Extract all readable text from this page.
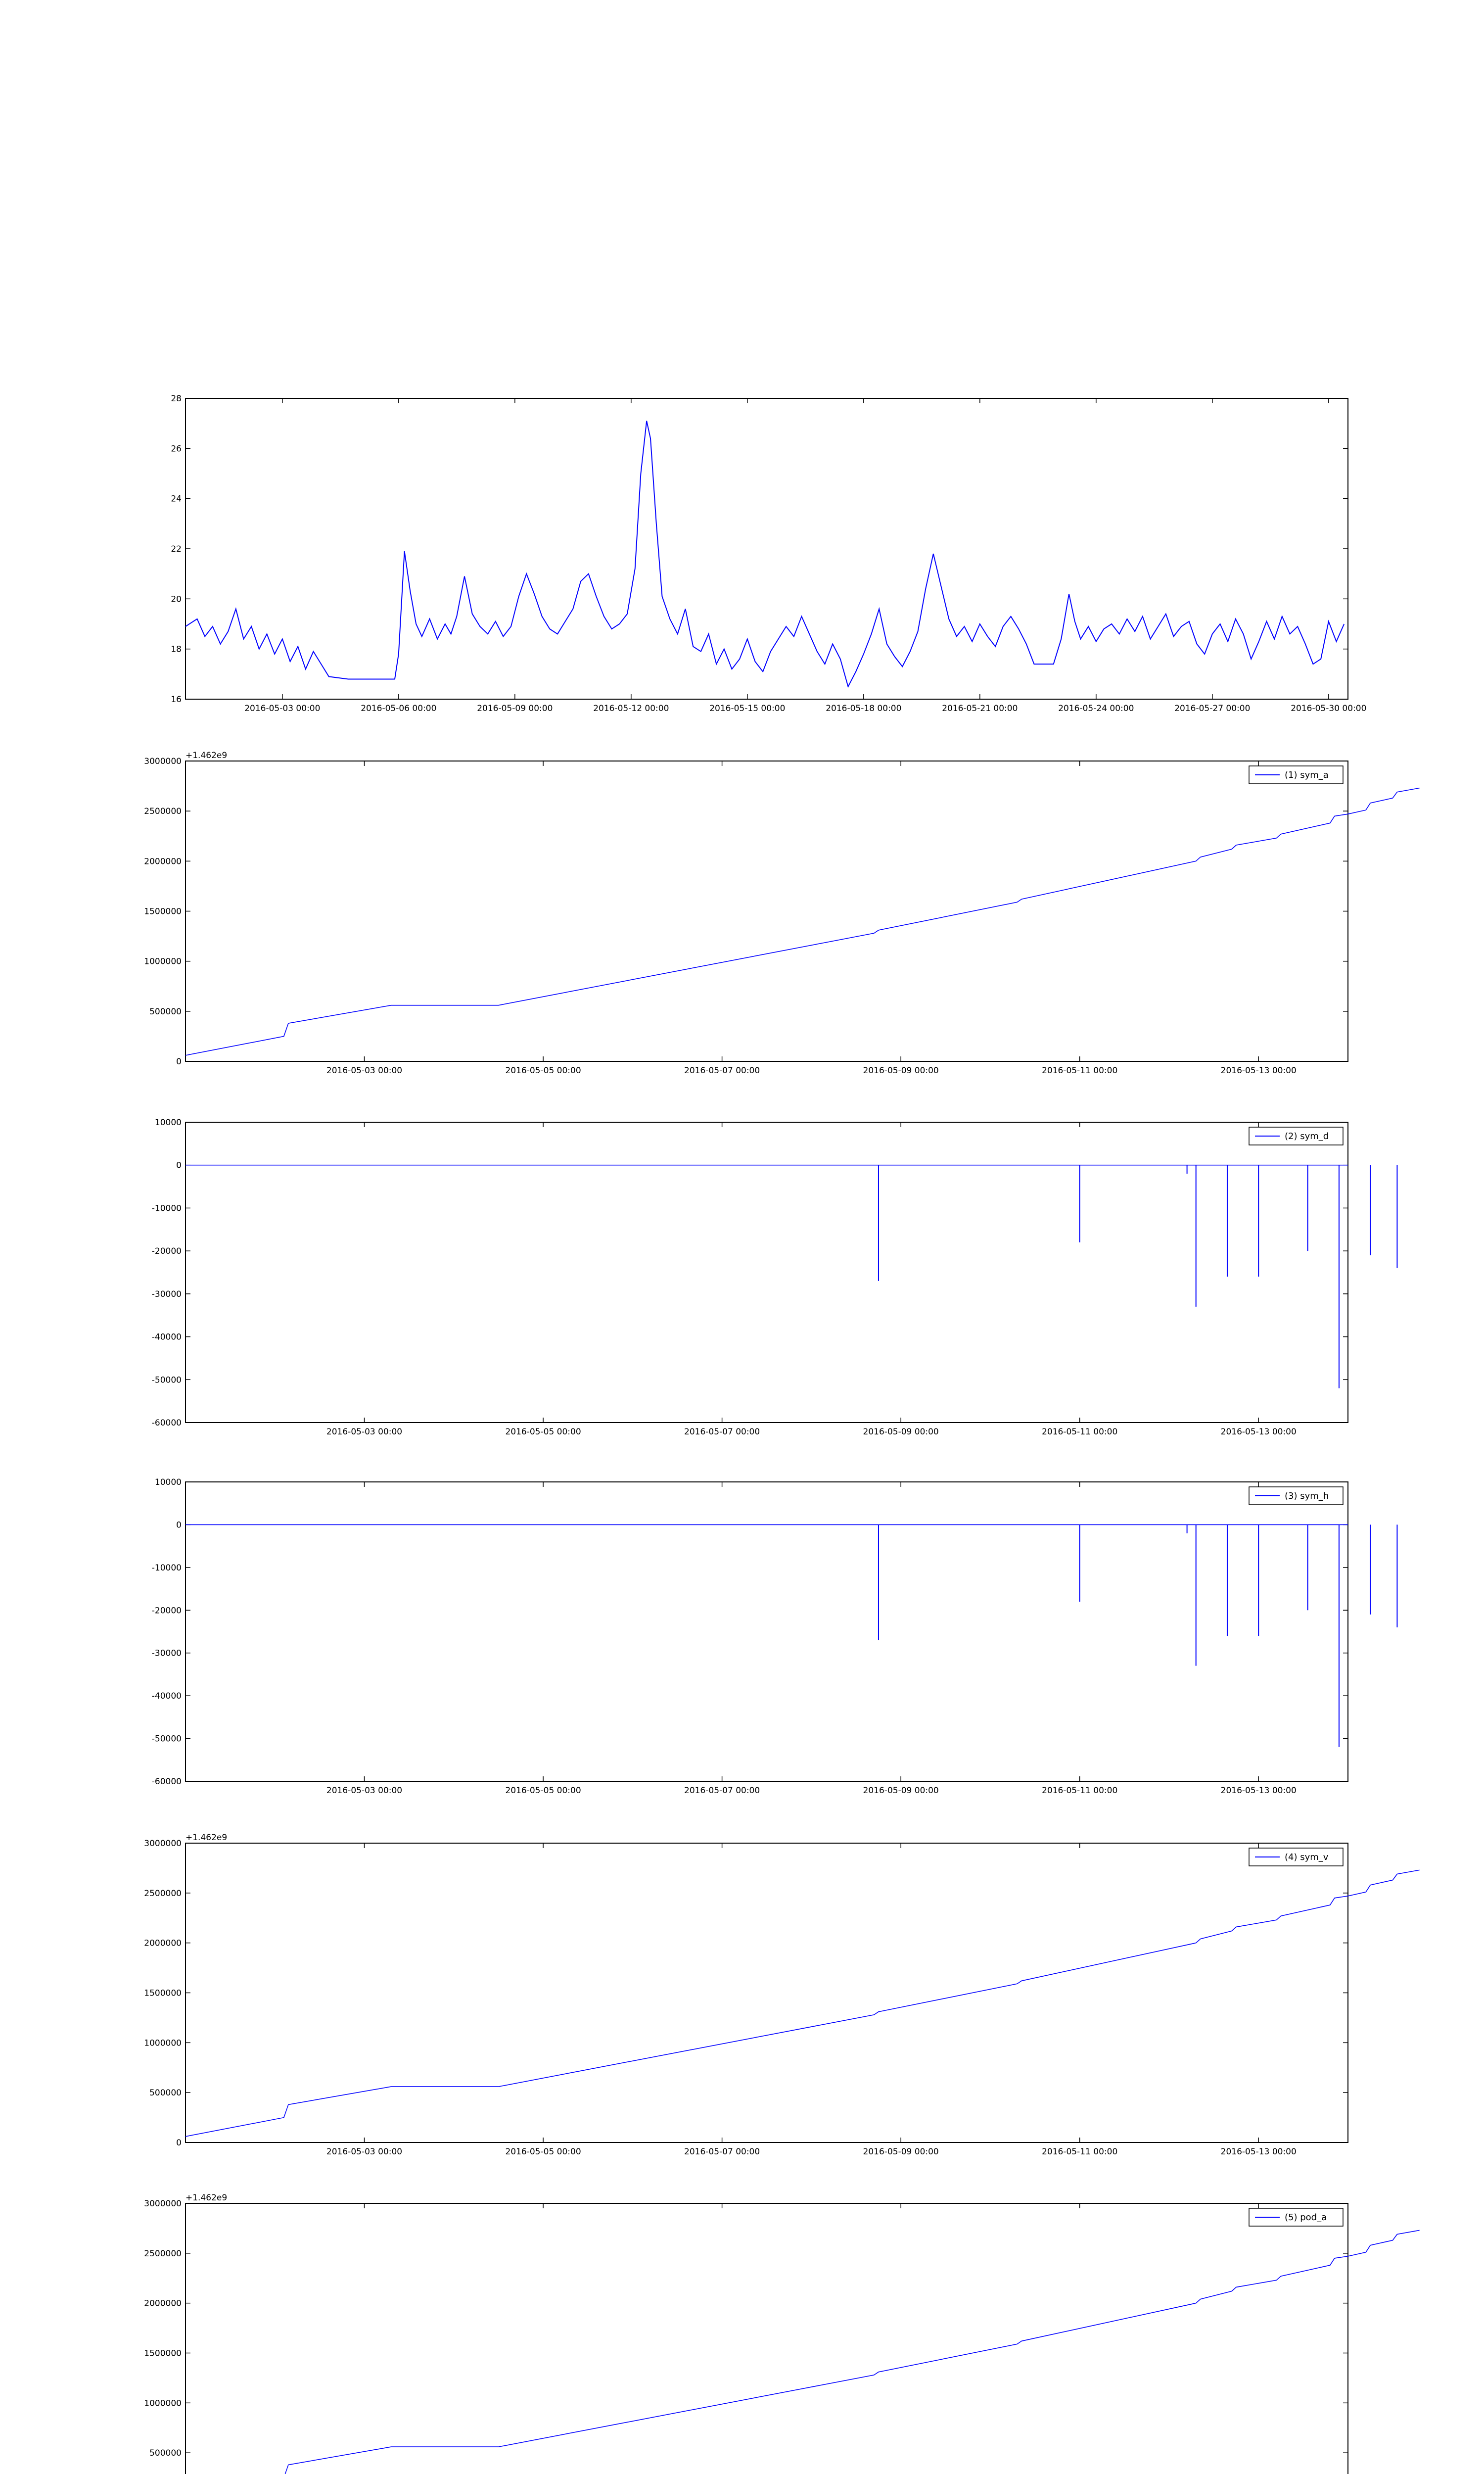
16
18
20
22
24
26
28
2016-05-03 00:00	2016-05-06 00:00	2016-05-09 00:00	2016-05-12 00:00	2016-05-15 00:00	2016-05-18 00:00	2016-05-21 00:00	2016-05-24 00:00	2016-05-27 00:00	2016-05-30 00:00
0
500000
1000000
1500000
2000000
2500000
3000000
2016-05-03 00:00	2016-05-05 00:00	2016-05-07 00:00	2016-05-09 00:00	2016-05-11 00:00	2016-05-13 00:00
+1.462e9
(1) sym_a
-60000
-50000
-40000
-30000
-20000
-10000
0
10000
2016-05-03 00:00	2016-05-05 00:00	2016-05-07 00:00	2016-05-09 00:00	2016-05-11 00:00	2016-05-13 00:00
(2) sym_d
-60000
-50000
-40000
-30000
-20000
-10000
0
10000
2016-05-03 00:00	2016-05-05 00:00	2016-05-07 00:00	2016-05-09 00:00	2016-05-11 00:00	2016-05-13 00:00
(3) sym_h
0
500000
1000000
1500000
2000000
2500000
3000000
2016-05-03 00:00	2016-05-05 00:00	2016-05-07 00:00	2016-05-09 00:00	2016-05-11 00:00	2016-05-13 00:00
+1.462e9
(4) sym_v
500000
1000000
1500000
2000000
2500000
3000000
+1.462e9
(5) pod_a
